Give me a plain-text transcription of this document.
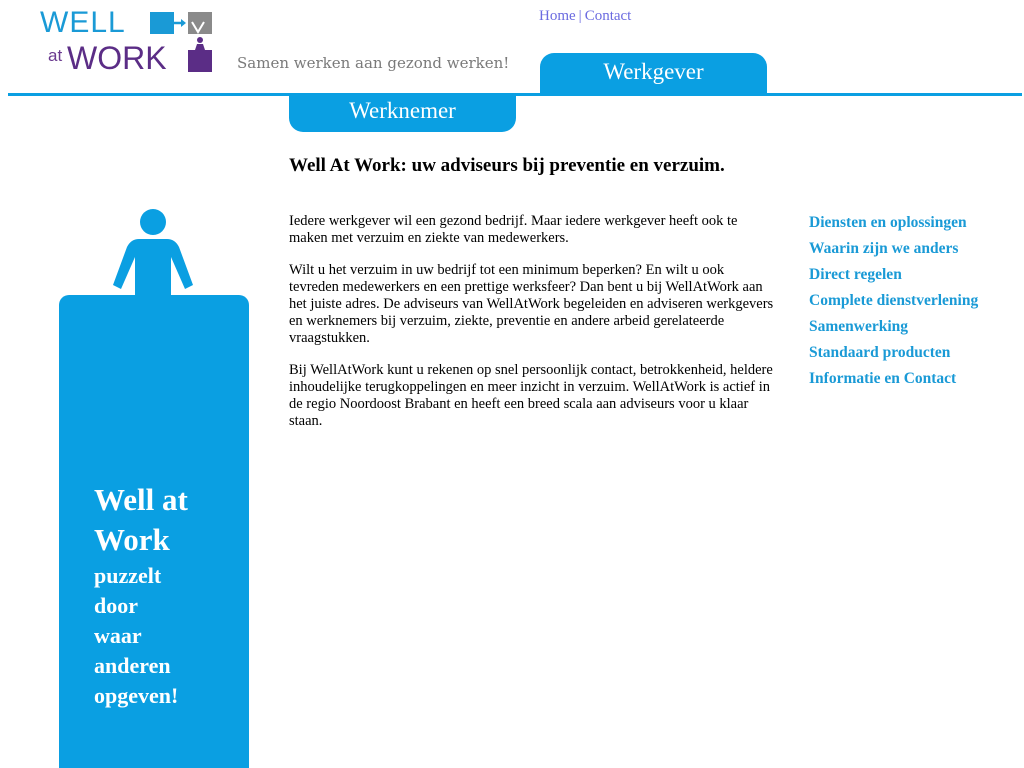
WELL
at WORK	Samen werken aan gezond werken!
Home | Contact
Werkgever
Werknemer
Well At Work: uw adviseurs bij preventie en verzuim.

Iedere werkgever wil een gezond bedrijf. Maar iedere werkgever heeft ook te maken met verzuim en ziekte van medewerkers.

Wilt u het verzuim in uw bedrijf tot een minimum beperken? En wilt u ook tevreden medewerkers en een prettige werksfeer? Dan bent u bij WellAtWork aan het juiste adres. De adviseurs van WellAtWork begeleiden en adviseren werkgevers en werknemers bij verzuim, ziekte, preventie en andere arbeid gerelateerde vraagstukken.

Bij WellAtWork kunt u rekenen op snel persoonlijk contact, betrokkenheid, heldere inhoudelijke terugkoppelingen en meer inzicht in verzuim. WellAtWork is actief in de regio Noordoost Brabant en heeft een breed scala aan adviseurs voor u klaar staan.

Diensten en oplossingen
Waarin zijn we anders
Direct regelen
Complete dienstverlening
Samenwerking
Standaard producten
Informatie en Contact
Well at
Work
puzzelt
door
waar
anderen
opgeven!
